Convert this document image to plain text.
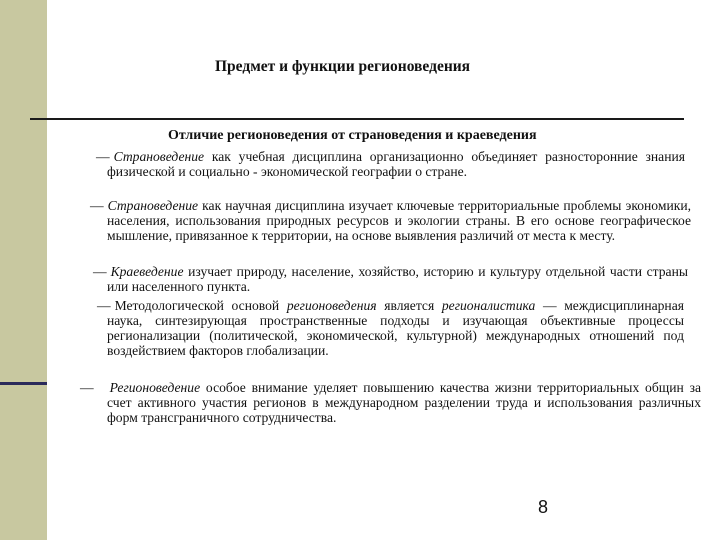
Предмет и функции регионоведения
Отличие регионоведения от страноведения и краеведения
— Страноведение как учебная дисциплина организационно объединяет разносторонние знания физической и социально - экономической географии о стране.
— Страноведение как научная дисциплина изучает ключевые территориальные проблемы экономики, населения, использования природных ресурсов и экологии страны. В его основе географическое мышление, привязанное к территории, на основе выявления различий от места к месту.
— Краеведение изучает природу, население, хозяйство, историю и культуру отдельной части страны или населенного пункта.
— Методологической основой регионоведения является регионалистика — междисциплинарная наука, синтезирующая пространственные подходы и изучающая объективные процессы регионализации (политической, экономической, культурной) международных отношений под воздействием факторов глобализации.
— Регионоведение особое внимание уделяет повышению качества жизни территориальных общин за счет активного участия регионов в международном разделении труда и использования различных форм трансграничного сотрудничества.
8
